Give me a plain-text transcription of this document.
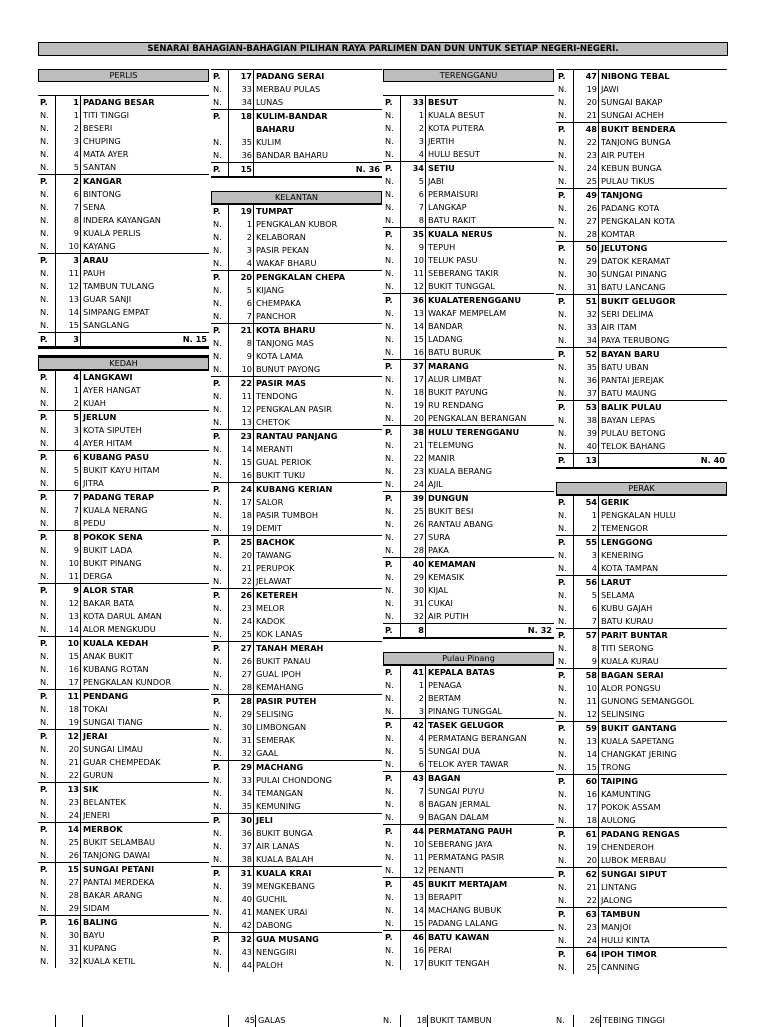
SENARAI BAHAGIAN-BAHAGIAN PILIHAN RAYA PARLIMEN DAN DUN UNTUK SETIAP NEGERI-NEGERI.
PERLIS
P.	1 PADANG BESAR
N.	1 TITI TINGGI
N.	2 BESERI
N.	3 CHUPING
N.	4 MATA AYER
N.	5 SANTAN
P.	2 KANGAR
N.	6 BINTONG
N.	7 SENA
N.	8 INDERA KAYANGAN
N.	9 KUALA PERLIS
N.	10 KAYANG
P.	3 ARAU
N.	11 PAUH
N.	12 TAMBUN TULANG
N.	13 GUAR SANJI
N.	14 SIMPANG EMPAT
N.	15 SANGLANG
P.	3	N. 15
KEDAH
P.	4 LANGKAWI
N.	1 AYER HANGAT
N.	2 KUAH
P.	5 JERLUN
N.	3 KOTA SIPUTEH
N.	4 AYER HITAM
P.	6 KUBANG PASU
N.	5 BUKIT KAYU HITAM
N.	6 JITRA
P.	7 PADANG TERAP
N.	7 KUALA NERANG
N.	8 PEDU
P.	8 POKOK SENA
N.	9 BUKIT LADA
N.	10 BUKIT PINANG
N.	11 DERGA
P.	9 ALOR STAR
N.	12 BAKAR BATA
N.	13 KOTA DARUL AMAN
N.	14 ALOR MENGKUDU
P.	10 KUALA KEDAH
N.	15 ANAK BUKIT
N.	16 KUBANG ROTAN
N.	17 PENGKALAN KUNDOR
P.	11 PENDANG
N.	18 TOKAI
N.	19 SUNGAI TIANG
P.	12 JERAI
N.	20 SUNGAI LIMAU
N.	21 GUAR CHEMPEDAK
N.	22 GURUN
P.	13 SIK
N.	23 BELANTEK
N.	24 JENERI
P.	14 MERBOK
N.	25 BUKIT SELAMBAU
N.	26 TANJONG DAWAI
P.	15 SUNGAI PETANI
N.	27 PANTAI MERDEKA
N.	28 BAKAR ARANG
N.	29 SIDAM
P.	16 BALING
N.	30 BAYU
N.	31 KUPANG
N.	32 KUALA KETIL
P.	17 PADANG SERAI
N.	33 MERBAU PULAS
N.	34 LUNAS
P.	18 KULIM-BANDAR
BAHARU
N.	35 KULIM
N.	36 BANDAR BAHARU
P.	15	N. 36
KELANTAN
P.	19 TUMPAT
N.	1 PENGKALAN KUBOR
N.	2 KELABORAN
N.	3 PASIR PEKAN
N.	4 WAKAF BHARU
P.	20 PENGKALAN CHEPA
N.	5 KIJANG
N.	6 CHEMPAKA
N.	7 PANCHOR
P.	21 KOTA BHARU
N.	8 TANJONG MAS
N.	9 KOTA LAMA
N.	10 BUNUT PAYONG
P.	22 PASIR MAS
N.	11 TENDONG
N.	12 PENGKALAN PASIR
N.	13 CHETOK
P.	23 RANTAU PANJANG
N.	14 MERANTI
N.	15 GUAL PERIOK
N.	16 BUKIT TUKU
P.	24 KUBANG KERIAN
N.	17 SALOR
N.	18 PASIR TUMBOH
N.	19 DEMIT
P.	25 BACHOK
N.	20 TAWANG
N.	21 PERUPOK
N.	22 JELAWAT
P.	26 KETEREH
N.	23 MELOR
N.	24 KADOK
N.	25 KOK LANAS
P.	27 TANAH MERAH
N.	26 BUKIT PANAU
N.	27 GUAL IPOH
N.	28 KEMAHANG
P.	28 PASIR PUTEH
N.	29 SELISING
N.	30 LIMBONGAN
N.	31 SEMERAK
N.	32 GAAL
P.	29 MACHANG
N.	33 PULAI CHONDONG
N.	34 TEMANGAN
N.	35 KEMUNING
P.	30 JELI
N.	36 BUKIT BUNGA
N.	37 AIR LANAS
N.	38 KUALA BALAH
P.	31 KUALA KRAI
N.	39 MENGKEBANG
N.	40 GUCHIL
N.	41 MANEK URAI
N.	42 DABONG
P.	32 GUA MUSANG
N.	43 NENGGIRI
N.	44 PALOH
TERENGGANU
P.	33 BESUT
N.	1 KUALA BESUT
N.	2 KOTA PUTERA
N.	3 JERTIH
N.	4 HULU BESUT
P.	34 SETIU
N.	5 JABI
N.	6 PERMAISURI
N.	7 LANGKAP
N.	8 BATU RAKIT
P.	35 KUALA NERUS
N.	9 TEPUH
N.	10 TELUK PASU
N.	11 SEBERANG TAKIR
N.	12 BUKIT TUNGGAL
P.	36 KUALATERENGGANU
N.	13 WAKAF MEMPELAM
N.	14 BANDAR
N.	15 LADANG
N.	16 BATU BURUK
P.	37 MARANG
N.	17 ALUR LIMBAT
N.	18 BUKIT PAYUNG
N.	19 RU RENDANG
N.	20 PENGKALAN BERANGAN
P.	38 HULU TERENGGANU
N.	21 TELEMUNG
N.	22 MANIR
N.	23 KUALA BERANG
N.	24 AJIL
P.	39 DUNGUN
N.	25 BUKIT BESI
N.	26 RANTAU ABANG
N.	27 SURA
N.	28 PAKA
P.	40 KEMAMAN
N.	29 KEMASIK
N.	30 KIJAL
N.	31 CUKAI
N.	32 AIR PUTIH
P.	8	N. 32
Pulau Pinang
P.	41 KEPALA BATAS
N.	1 PENAGA
N.	2 BERTAM
N.	3 PINANG TUNGGAL
P.	42 TASEK GELUGOR
N.	4 PERMATANG BERANGAN
N.	5 SUNGAI DUA
N.	6 TELOK AYER TAWAR
P.	43 BAGAN
N.	7 SUNGAI PUYU
N.	8 BAGAN JERMAL
N.	9 BAGAN DALAM
P.	44 PERMATANG PAUH
N.	10 SEBERANG JAYA
N.	11 PERMATANG PASIR
N.	12 PENANTI
P.	45 BUKIT MERTAJAM
N.	13 BERAPIT
N.	14 MACHANG BUBUK
N.	15 PADANG LALANG
P.	46 BATU KAWAN
N.	16 PERAI
N.	17 BUKIT TENGAH
P.	47 NIBONG TEBAL
N.	19 JAWI
N.	20 SUNGAI BAKAP
N.	21 SUNGAI ACHEH
P.	48 BUKIT BENDERA
N.	22 TANJONG BUNGA
N.	23 AIR PUTEH
N.	24 KEBUN BUNGA
N.	25 PULAU TIKUS
P.	49 TANJONG
N.	26 PADANG KOTA
N.	27 PENGKALAN KOTA
N.	28 KOMTAR
P.	50 JELUTONG
N.	29 DATOK KERAMAT
N.	30 SUNGAI PINANG
N.	31 BATU LANCANG
P.	51 BUKIT GELUGOR
N.	32 SERI DELIMA
N.	33 AIR ITAM
N.	34 PAYA TERUBONG
P.	52 BAYAN BARU
N.	35 BATU UBAN
N.	36 PANTAI JEREJAK
N.	37 BATU MAUNG
P.	53 BALIK PULAU
N.	38 BAYAN LEPAS
N.	39 PULAU BETONG
N.	40 TELOK BAHANG
P.	13	N. 40
PERAK
P.	54 GERIK
N.	1 PENGKALAN HULU
N.	2 TEMENGOR
P.	55 LENGGONG
N.	3 KENERING
N.	4 KOTA TAMPAN
P.	56 LARUT
N.	5 SELAMA
N.	6 KUBU GAJAH
N.	7 BATU KURAU
P.	57 PARIT BUNTAR
N.	8 TITI SERONG
N.	9 KUALA KURAU
P.	58 BAGAN SERAI
N.	10 ALOR PONGSU
N.	11 GUNONG SEMANGGOL
N.	12 SELINSING
P.	59 BUKIT GANTANG
N.	13 KUALA SAPETANG
N.	14 CHANGKAT JERING
N.	15 TRONG
P.	60 TAIPING
N.	16 KAMUNTING
N.	17 POKOK ASSAM
N.	18 AULONG
P.	61 PADANG RENGAS
N.	19 CHENDEROH
N.	20 LUBOK MERBAU
P.	62 SUNGAI SIPUT
N.	21 LINTANG
N.	22 JALONG
P.	63 TAMBUN
N.	23 MANJOI
N.	24 HULU KINTA
P.	64 IPOH TIMOR
N.	25 CANNING
45 GALAS	N.	18 BUKIT TAMBUN	N.	26 TEBING TINGGI
